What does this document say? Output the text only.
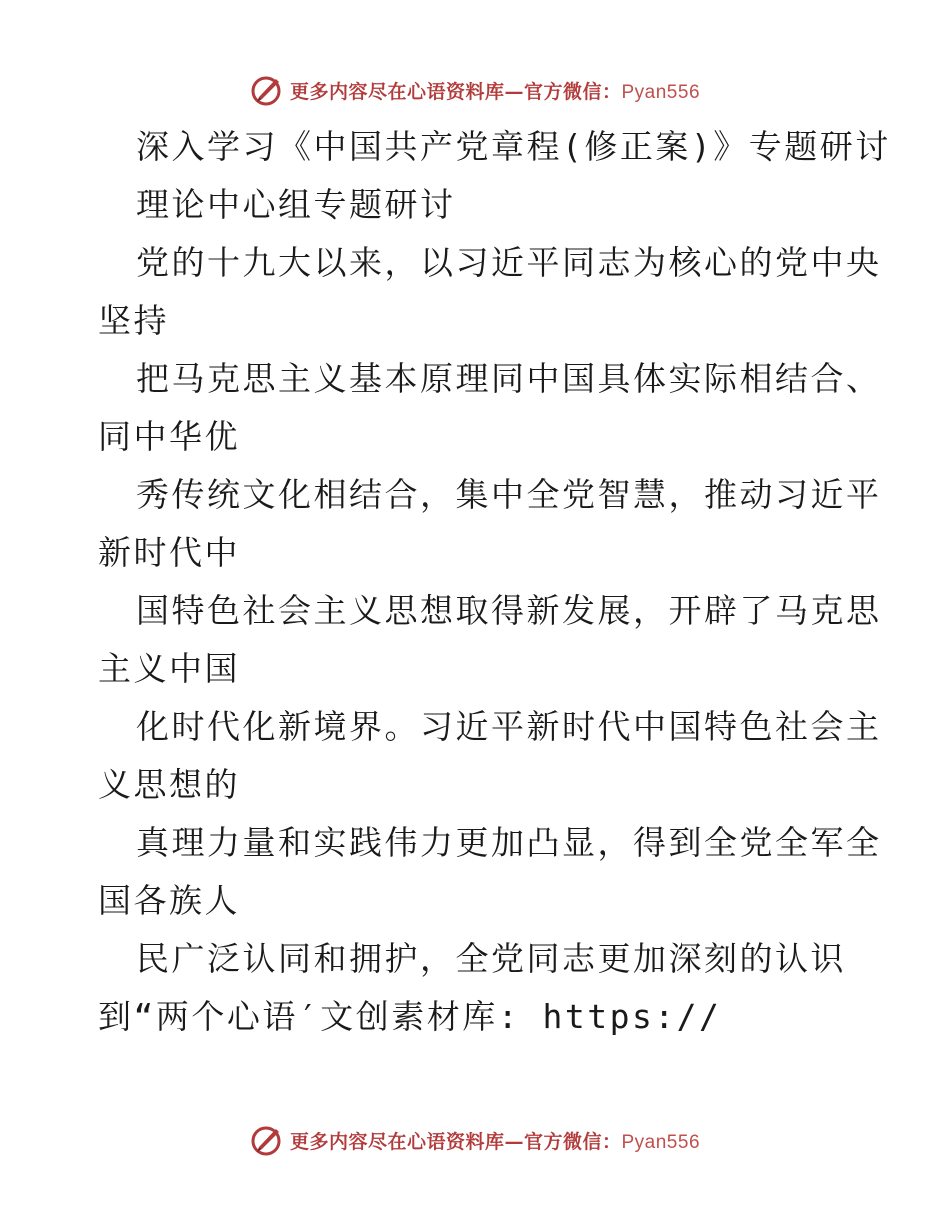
更多内容尽在心语资料库—官方微信：Pyan556
深入学习《中国共产党章程(修正案)》专题研讨
理论中心组专题研讨
党的十九大以来，以习近平同志为核心的党中央
坚持
把马克思主义基本原理同中国具体实际相结合、
同中华优
秀传统文化相结合，集中全党智慧，推动习近平
新时代中
国特色社会主义思想取得新发展，开辟了马克思
主义中国
化时代化新境界。习近平新时代中国特色社会主
义思想的
真理力量和实践伟力更加凸显，得到全党全军全
国各族人
民广泛认同和拥护，全党同志更加深刻的认识
到“两个心语′文创素材库: https://
更多内容尽在心语资料库—官方微信：Pyan556
